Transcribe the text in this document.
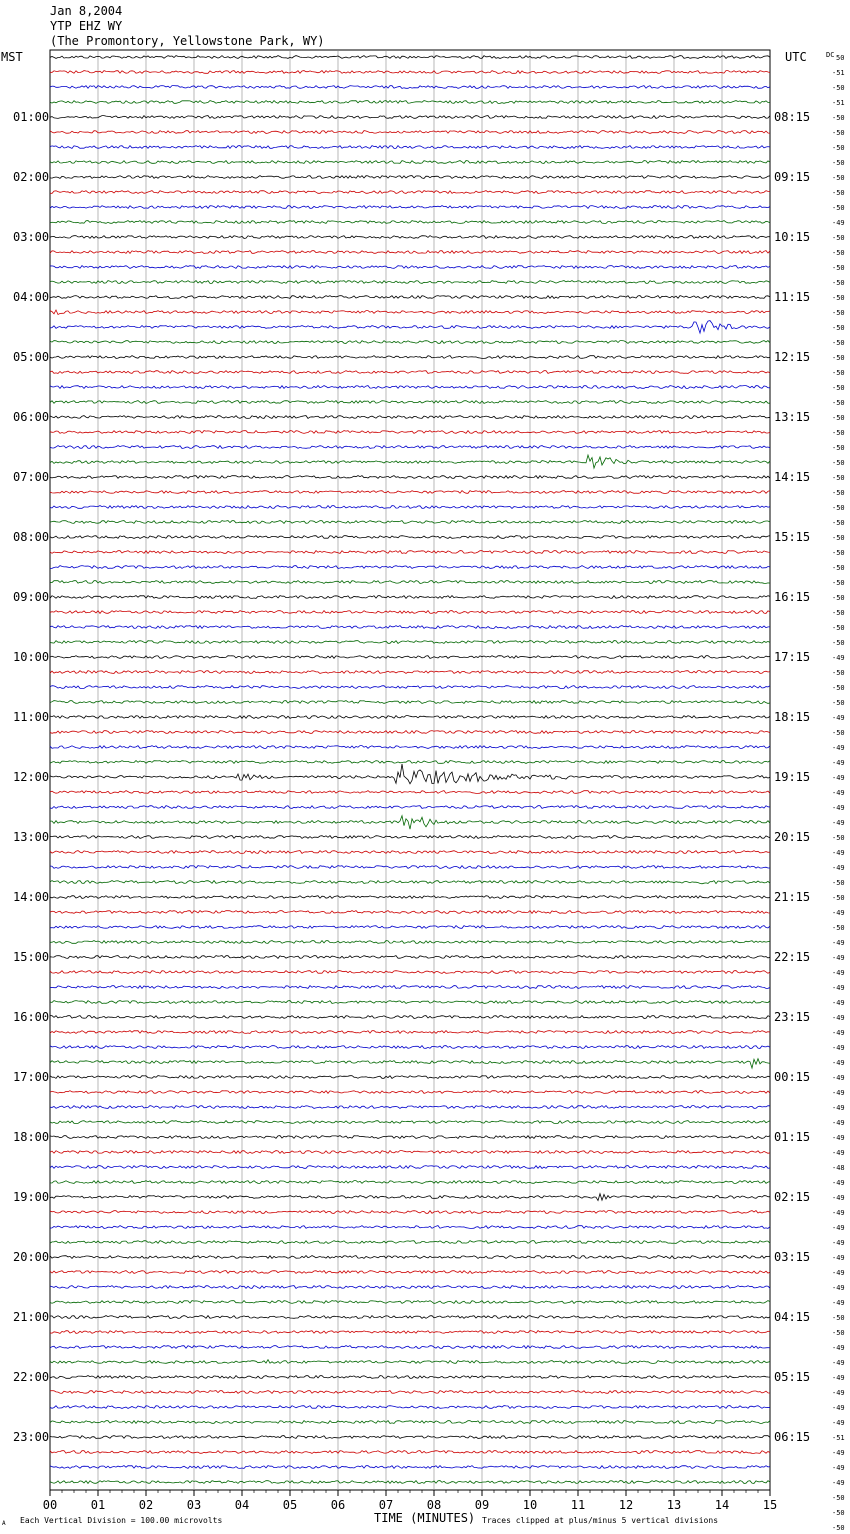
Jan 8,2004
YTP EHZ WY
(The Promontory, Yellowstone Park, WY)
MST	UTC	DC
01:00
02:00
03:00
04:00
05:00
06:00
07:00
08:00
09:00
10:00
11:00
12:00
13:00
14:00
15:00
16:00
17:00
18:00
19:00
20:00
21:00
22:00
23:00
08:15
09:15
10:15
11:15
12:15
13:15
14:15
15:15
16:15
17:15
18:15
19:15
20:15
21:15
22:15
23:15
00:15
01:15
02:15
03:15
04:15
05:15
06:15
50
-51
-50
-51
-50
-50
-50
-50
-50
-50
-50
-49
-50
-50
-50
-50
-50
-50
-50
-50
-50
-50
-50
-50
-50
-50
-50
-50
-50
-50
-50
-50
-50
-50
-50
-50
-50
-50
-50
-50
-49
-50
-50
-50
-49
-50
-49
-49
-49
-49
-49
-49
-50
-49
-49
-50
-50
-49
-50
-49
-49
-49
-49
-49
-49
-49
-49
-49
-49
-49
-49
-49
-49
-49
-48
-49
-49
-49
-49
-49
-49
-49
-49
-49
-50
-50
-49
-49
-49
-49
-49
-49
-51
-49
-49
-49
-50
-50
-50
00	01	02	03	04	05	06	07	08	09	10	11	12	13	14	15
TIME (MINUTES)
Each Vertical Division = 100.00 microvolts	Traces clipped at plus/minus 5 vertical divisions
A
